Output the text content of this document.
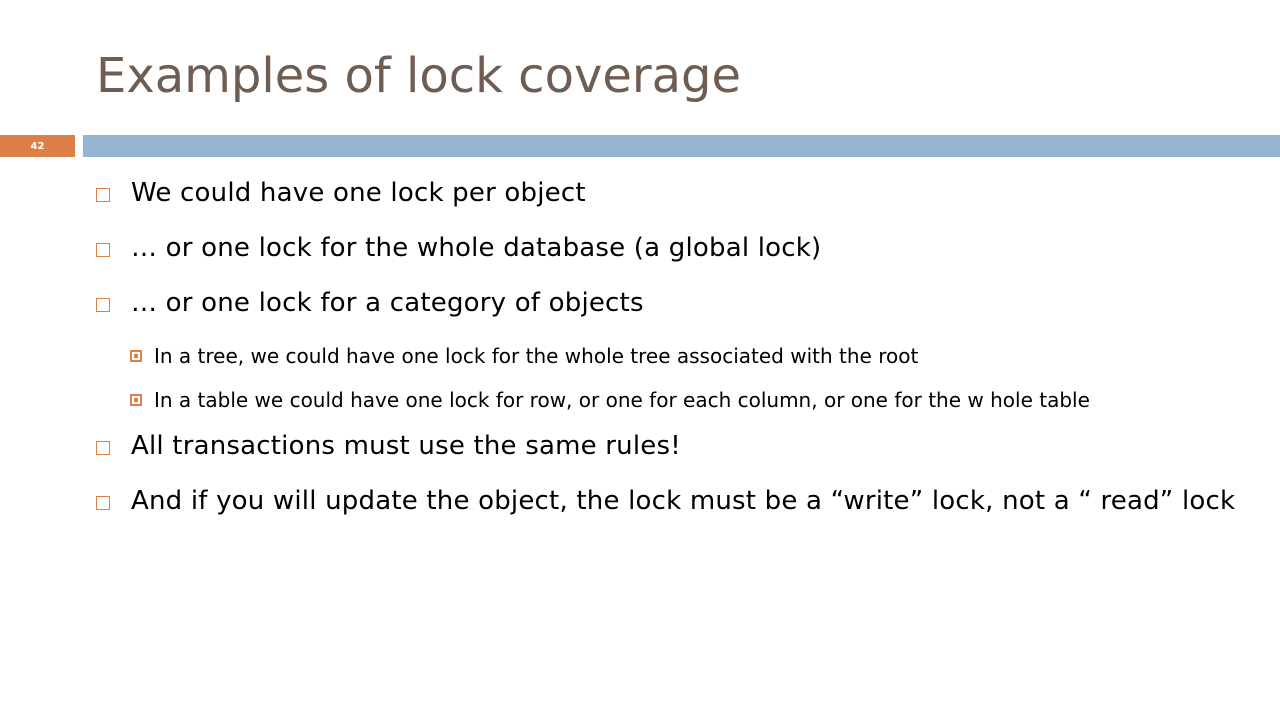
Examples of lock coverage
42
We could have one lock per object
… or one lock for the whole database (a global lock)
… or one lock for a category of objects
In a tree, we could have one lock for the whole tree associated with the root
In a table we could have one lock for row, or one for each column, or one for the w hole table
All transactions must use the same rules!
And if you will update the object, the lock must be a “write” lock, not a “ read” lock
